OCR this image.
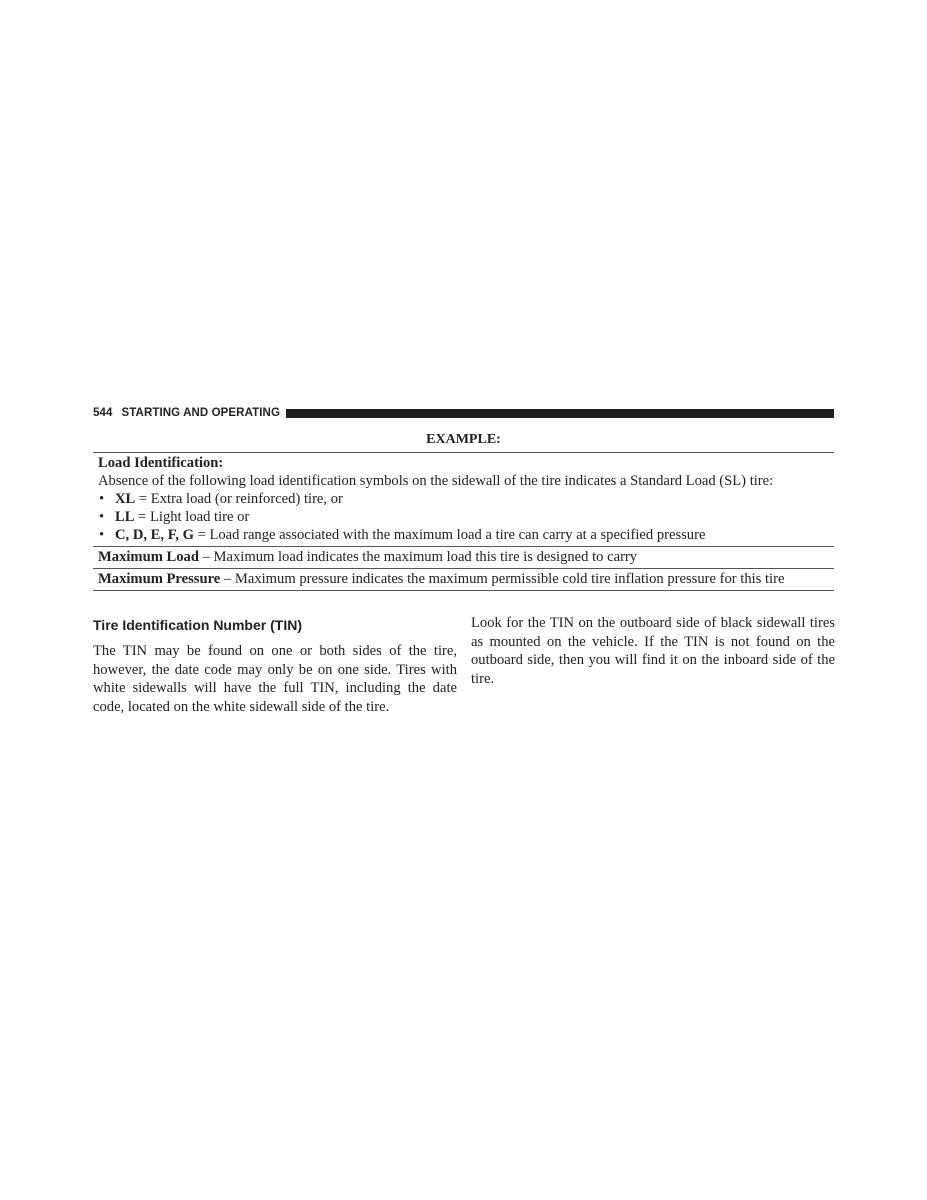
544 STARTING AND OPERATING
EXAMPLE:
Load Identification:
Absence of the following load identification symbols on the sidewall of the tire indicates a Standard Load (SL) tire:
• XL = Extra load (or reinforced) tire, or
• LL = Light load tire or
• C, D, E, F, G = Load range associated with the maximum load a tire can carry at a specified pressure
Maximum Load – Maximum load indicates the maximum load this tire is designed to carry
Maximum Pressure – Maximum pressure indicates the maximum permissible cold tire inflation pressure for this tire
Tire Identification Number (TIN)

The TIN may be found on one or both sides of the tire, however, the date code may only be on one side. Tires with white sidewalls will have the full TIN, including the date code, located on the white sidewall side of the tire.

Look for the TIN on the outboard side of black sidewall tires as mounted on the vehicle. If the TIN is not found on the outboard side, then you will find it on the inboard side of the tire.
